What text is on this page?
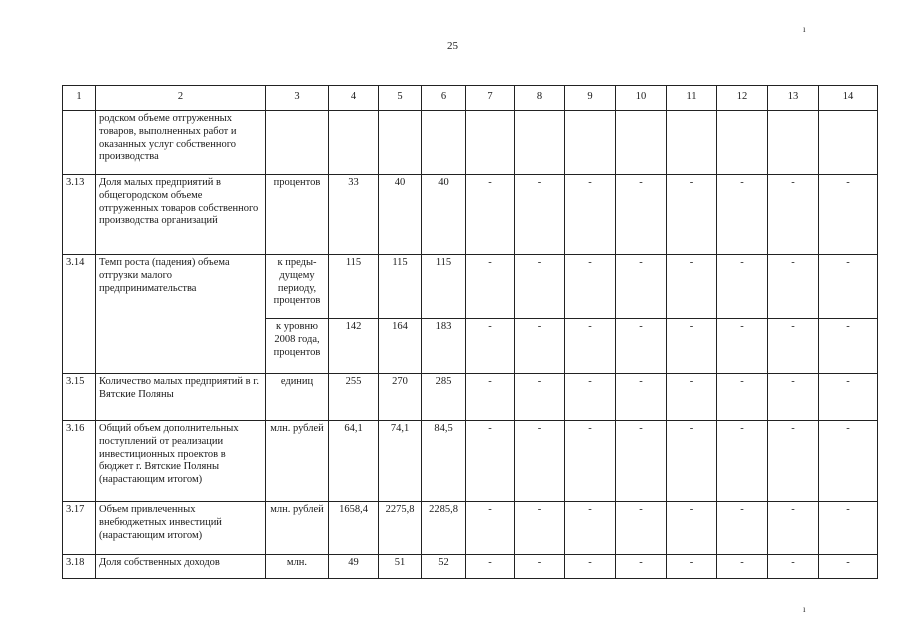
25
ı
ı
1	2	3	4	5	6	7	8	9	10	11	12	13	14
	родском объеме отгруженных товаров, выполненных работ и оказанных услуг собственного производства												
3.13	Доля малых предприятий в общегородском объеме отгруженных товаров собственного производства организаций	процентов	33	40	40	-	-	-	-	-	-	-	-
3.14	Темп роста (падения) объема отгрузки малого предпринимательства	к преды-дущему периоду, процентов	115	115	115	-	-	-	-	-	-	-	-
		к уровню 2008 года, процентов	142	164	183	-	-	-	-	-	-	-	-
3.15	Количество малых предприятий в г. Вятские Поляны	единиц	255	270	285	-	-	-	-	-	-	-	-
3.16	Общий объем дополнительных поступлений от реализации инвестиционных проектов в бюджет г. Вятские Поляны (нарастающим итогом)	млн. рублей	64,1	74,1	84,5	-	-	-	-	-	-	-	-
3.17	Объем привлеченных внебюджетных инвестиций (нарастающим итогом)	млн. рублей	1658,4	2275,8	2285,8	-	-	-	-	-	-	-	-
3.18	Доля собственных доходов	млн.	49	51	52	-	-	-	-	-	-	-	-
